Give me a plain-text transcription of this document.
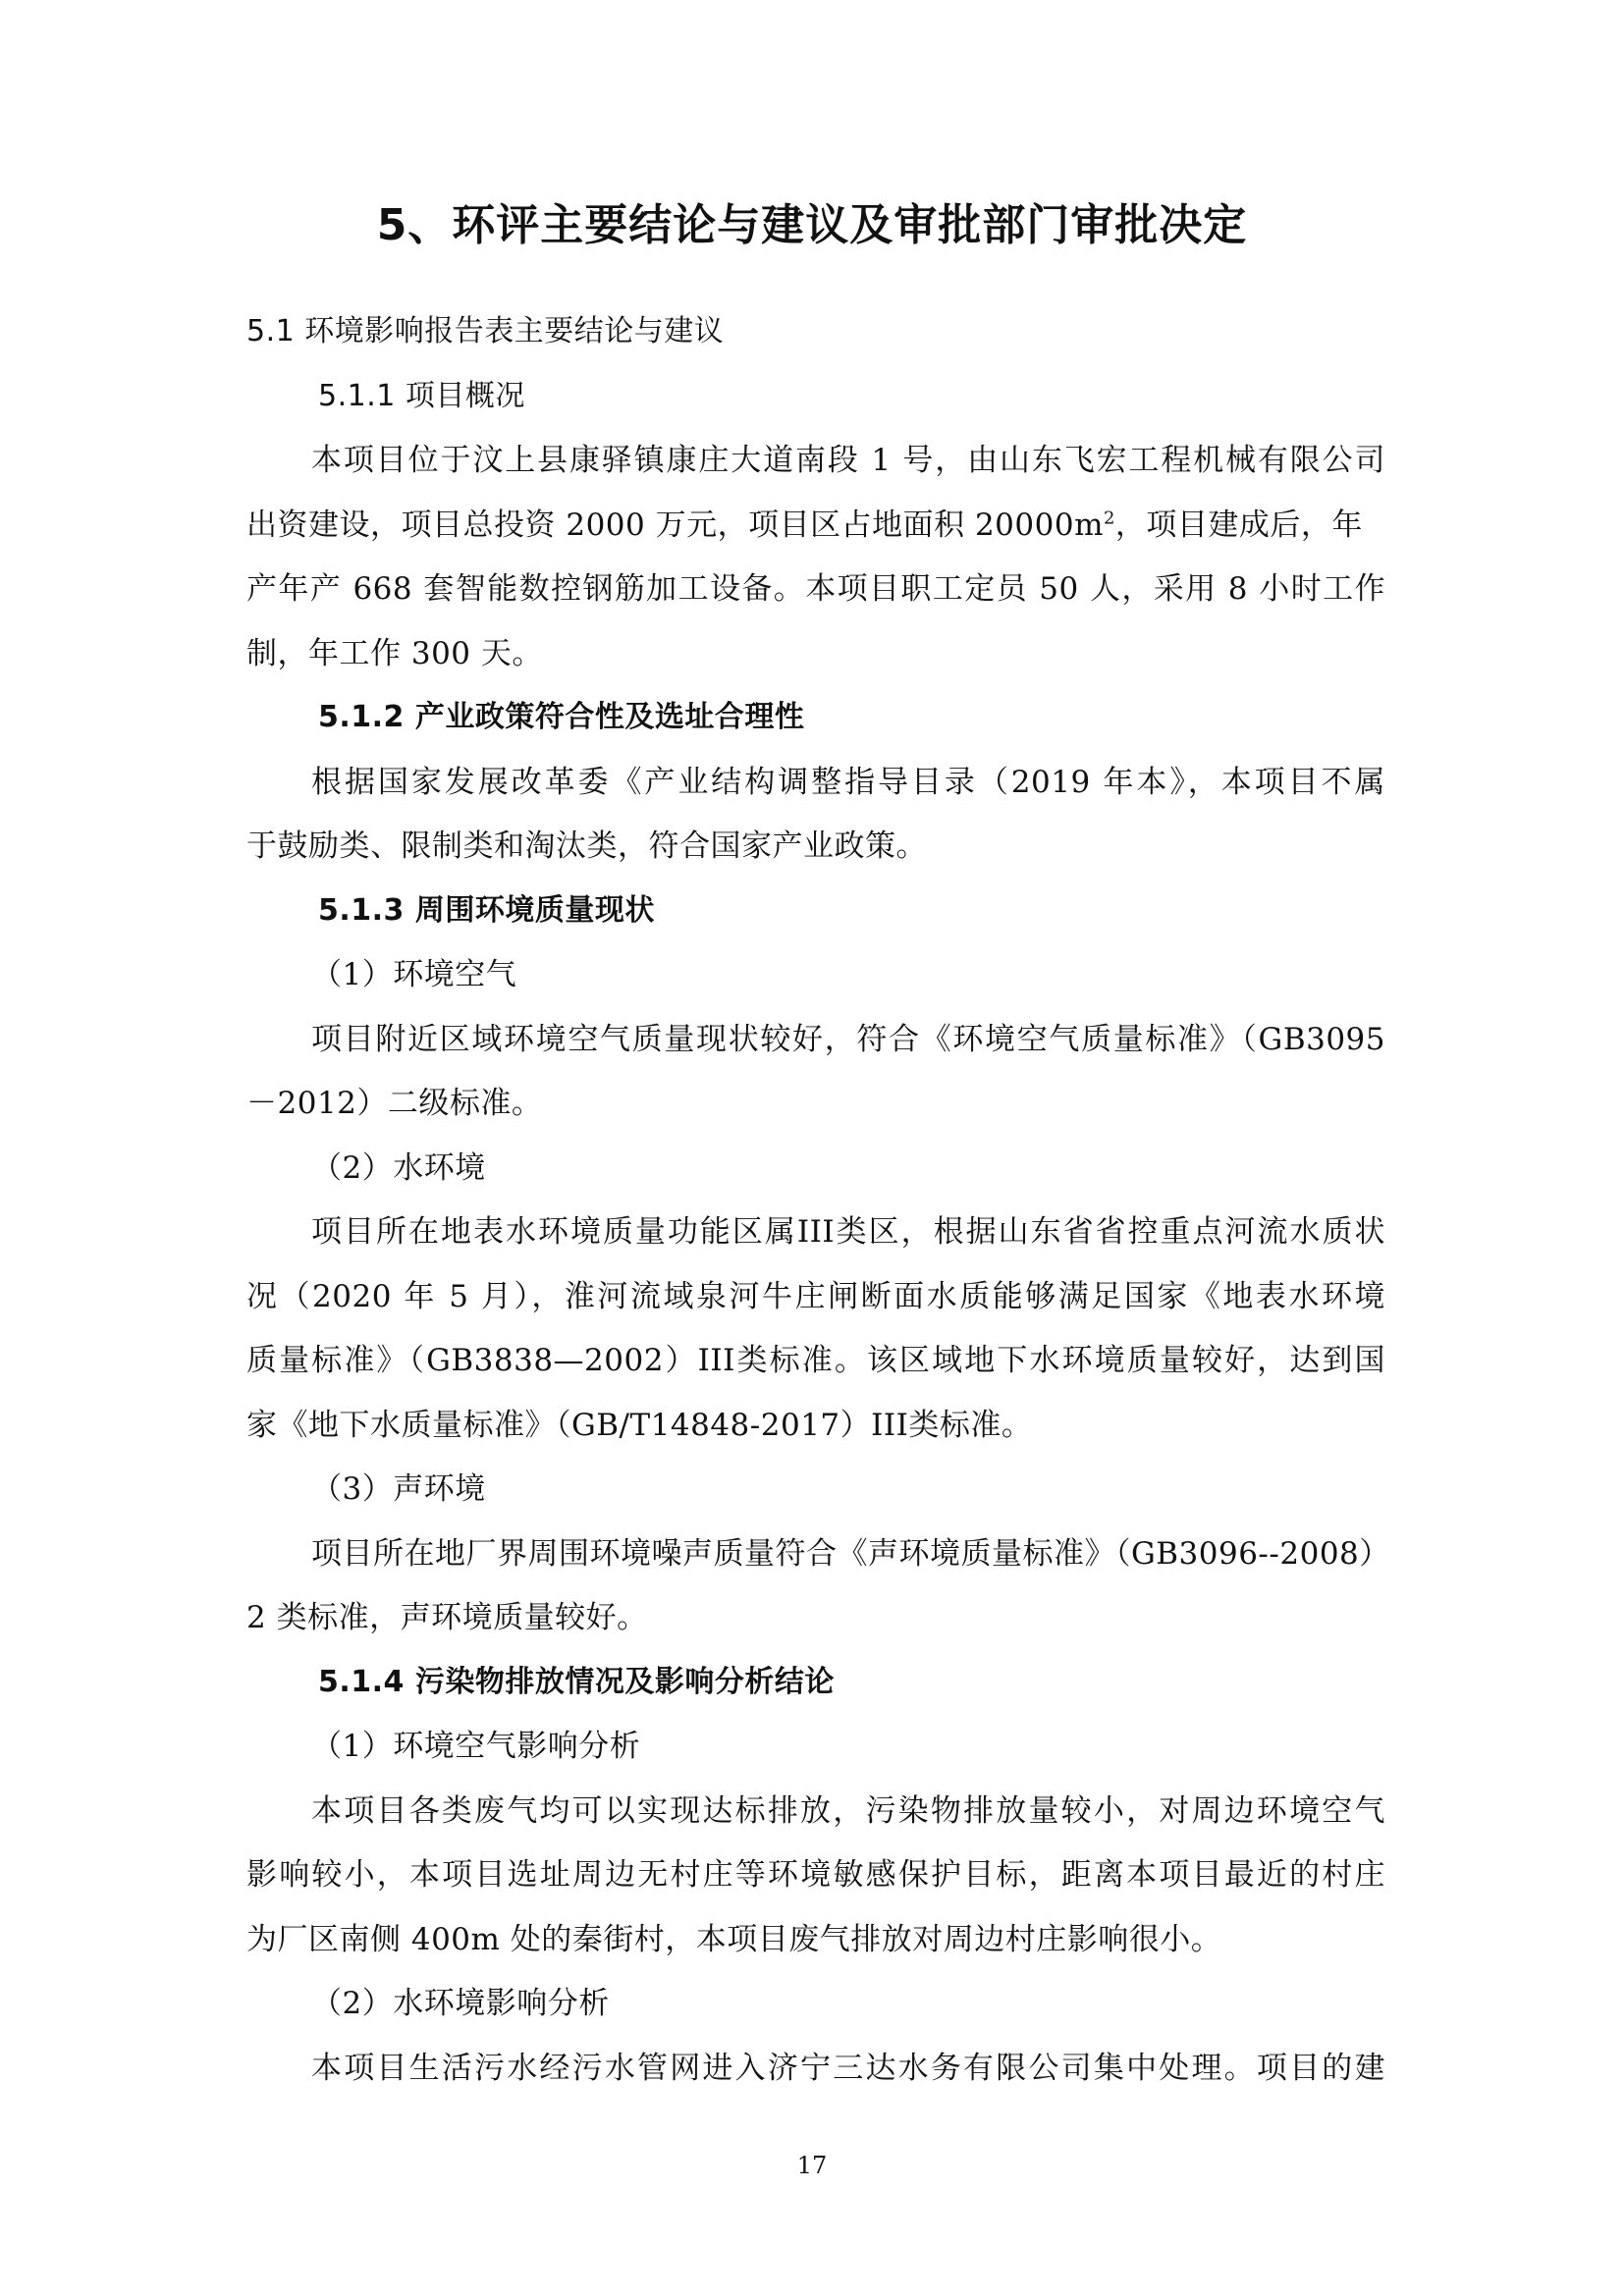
5、环评主要结论与建议及审批部门审批决定
5.1 环境影响报告表主要结论与建议
5.1.1 项目概况
本项目位于汶上县康驿镇康庄大道南段 1 号，由山东飞宏工程机械有限公司
出资建设，项目总投资 2000 万元，项目区占地面积 $20000m^2$，项目建成后，年
产年产 668 套智能数控钢筋加工设备。本项目职工定员 50 人，采用 8 小时工作
制，年工作 300 天。
5.1.2 产业政策符合性及选址合理性
根据国家发展改革委《产业结构调整指导目录（2019 年本》，本项目不属
于鼓励类、限制类和淘汰类，符合国家产业政策。
5.1.3 周围环境质量现状
（1）环境空气
项目附近区域环境空气质量现状较好，符合《环境空气质量标准》（GB3095
－2012）二级标准。
（2）水环境
项目所在地表水环境质量功能区属III类区，根据山东省省控重点河流水质状
况（2020 年 5 月），淮河流域泉河牛庄闸断面水质能够满足国家《地表水环境
质量标准》（GB3838—2002）III类标准。该区域地下水环境质量较好，达到国
家《地下水质量标准》（GB/T14848-2017）III类标准。
（3）声环境
项目所在地厂界周围环境噪声质量符合《声环境质量标准》（GB3096--2008）
2 类标准，声环境质量较好。
5.1.4 污染物排放情况及影响分析结论
（1）环境空气影响分析
本项目各类废气均可以实现达标排放，污染物排放量较小，对周边环境空气
影响较小，本项目选址周边无村庄等环境敏感保护目标，距离本项目最近的村庄
为厂区南侧 400m 处的秦街村，本项目废气排放对周边村庄影响很小。
（2）水环境影响分析
本项目生活污水经污水管网进入济宁三达水务有限公司集中处理。项目的建
17
